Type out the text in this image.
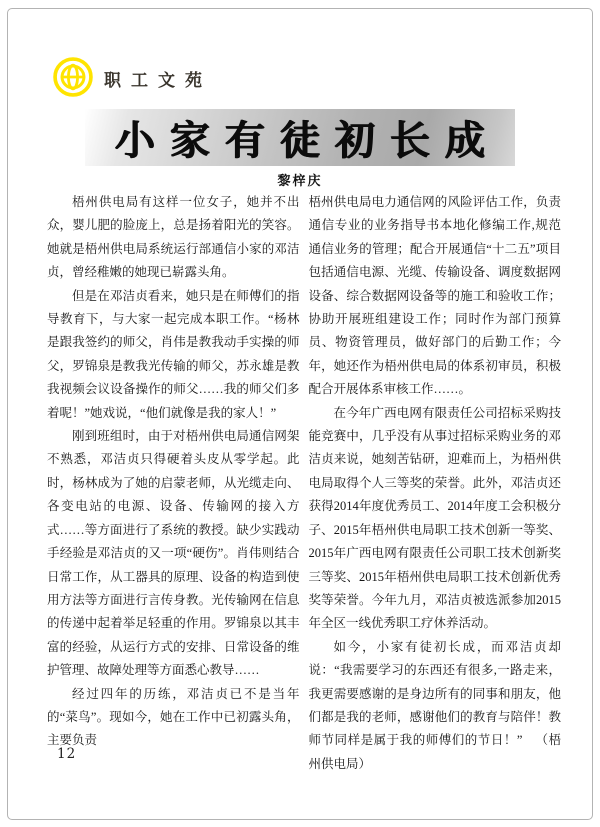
职工文苑
小家有徒初长成
黎梓庆

梧州供电局有这样一位女子，她并不出众，婴儿肥的脸庞上，总是扬着阳光的笑容。她就是梧州供电局系统运行部通信小家的邓洁贞，曾经稚嫩的她现已崭露头角。

但是在邓洁贞看来，她只是在师傅们的指导教育下，与大家一起完成本职工作。“杨林是跟我签约的师父，肖伟是教我动手实操的师父，罗锦泉是教我光传输的师父，苏永雄是教我视频会议设备操作的师父……我的师父们多着呢！”她戏说，“他们就像是我的家人！”

刚到班组时，由于对梧州供电局通信网架不熟悉，邓洁贞只得硬着头皮从零学起。此时，杨林成为了她的启蒙老师，从光缆走向、各变电站的电源、设备、传输网的接入方式……等方面进行了系统的教授。缺少实践动手经验是邓洁贞的又一项“硬伤”。肖伟则结合日常工作，从工器具的原理、设备的构造到使用方法等方面进行言传身教。光传输网在信息的传递中起着举足轻重的作用。罗锦泉以其丰富的经验，从运行方式的安排、日常设备的维护管理、故障处理等方面悉心教导……

经过四年的历练，邓洁贞已不是当年的“菜鸟”。现如今，她在工作中已初露头角，主要负责

梧州供电局电力通信网的风险评估工作，负责通信专业的业务指导书本地化修编工作,规范通信业务的管理；配合开展通信“十二五”项目包括通信电源、光缆、传输设备、调度数据网设备、综合数据网设备等的施工和验收工作；协助开展班组建设工作；同时作为部门预算员、物资管理员，做好部门的后勤工作；今年，她还作为梧州供电局的体系初审员，积极配合开展体系审核工作……。

在今年广西电网有限责任公司招标采购技能竞赛中，几乎没有从事过招标采购业务的邓洁贞来说，她刻苦钻研，迎难而上，为梧州供电局取得个人三等奖的荣誉。此外，邓洁贞还获得2014年度优秀员工、2014年度工会积极分子、2015年梧州供电局职工技术创新一等奖、2015年广西电网有限责任公司职工技术创新奖三等奖、2015年梧州供电局职工技术创新优秀奖等荣誉。今年九月，邓洁贞被选派参加2015年全区一线优秀职工疗休养活动。

如今，小家有徒初长成，而邓洁贞却说：“我需要学习的东西还有很多,一路走来，我更需要感谢的是身边所有的同事和朋友，他们都是我的老师，感谢他们的教育与陪伴！教师节同样是属于我的师傅们的节日！” （梧州供电局）

12
